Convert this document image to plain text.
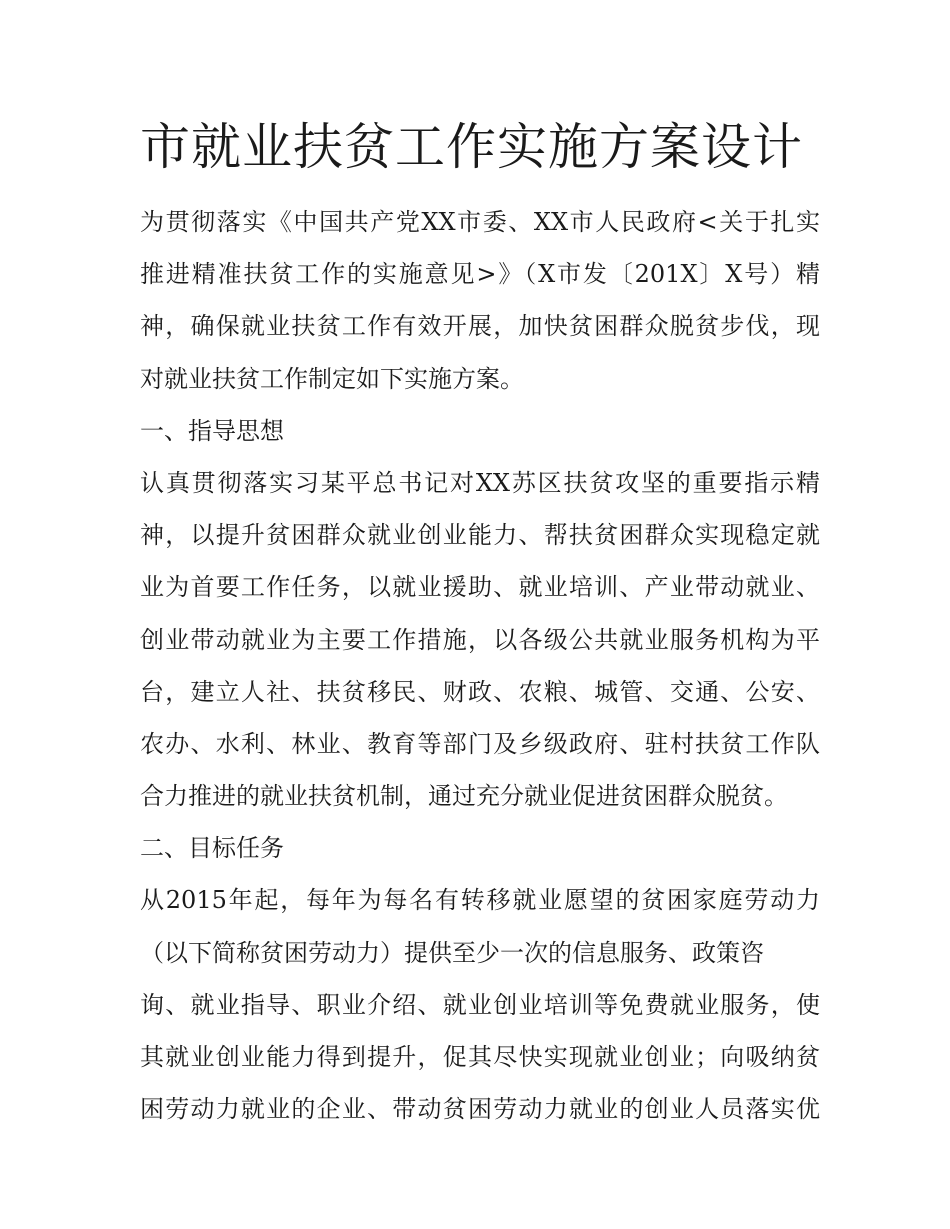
市就业扶贫工作实施方案设计
为贯彻落实《中国共产党XX市委、XX市人民政府<关于扎实
推进精准扶贫工作的实施意见>》（X市发〔201X〕X号）精
神，确保就业扶贫工作有效开展，加快贫困群众脱贫步伐，现
对就业扶贫工作制定如下实施方案。
一、指导思想
认真贯彻落实习某平总书记对XX苏区扶贫攻坚的重要指示精
神，以提升贫困群众就业创业能力、帮扶贫困群众实现稳定就
业为首要工作任务，以就业援助、就业培训、产业带动就业、
创业带动就业为主要工作措施，以各级公共就业服务机构为平
台，建立人社、扶贫移民、财政、农粮、城管、交通、公安、
农办、水利、林业、教育等部门及乡级政府、驻村扶贫工作队
合力推进的就业扶贫机制，通过充分就业促进贫困群众脱贫。
二、目标任务
从2015年起，每年为每名有转移就业愿望的贫困家庭劳动力
（以下简称贫困劳动力）提供至少一次的信息服务、政策咨
询、就业指导、职业介绍、就业创业培训等免费就业服务，使
其就业创业能力得到提升，促其尽快实现就业创业；向吸纳贫
困劳动力就业的企业、带动贫困劳动力就业的创业人员落实优
